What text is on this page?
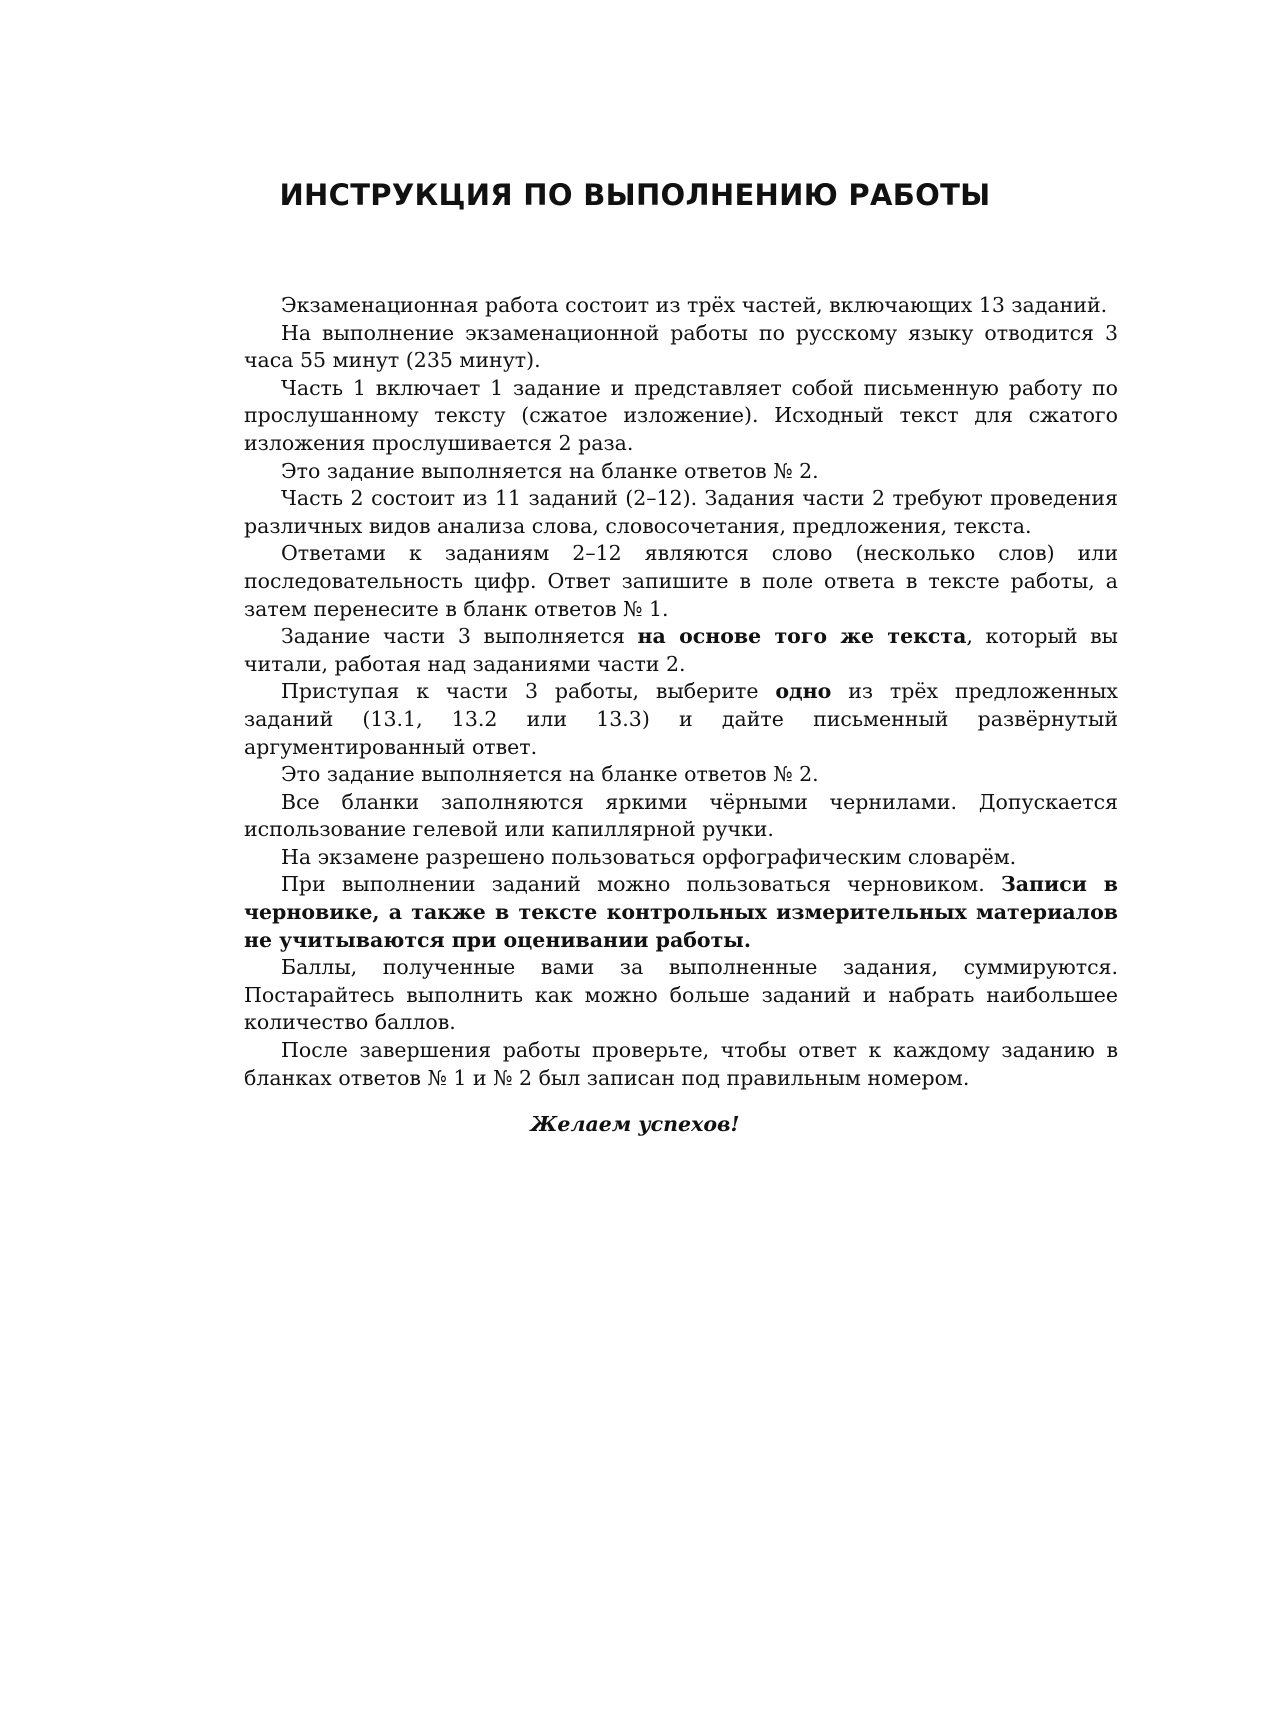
ИНСТРУКЦИЯ ПО ВЫПОЛНЕНИЮ РАБОТЫ

Экзаменационная работа состоит из трёх частей, включающих 13 заданий.

На выполнение экзаменационной работы по русскому языку отводится 3 часа 55 минут (235 минут).

Часть 1 включает 1 задание и представляет собой письменную работу по прослушанному тексту (сжатое изложение). Исходный текст для сжатого изложения прослушивается 2 раза.

Это задание выполняется на бланке ответов № 2.

Часть 2 состоит из 11 заданий (2–12). Задания части 2 требуют проведения различных видов анализа слова, словосочетания, предложения, текста.

Ответами к заданиям 2–12 являются слово (несколько слов) или последовательность цифр. Ответ запишите в поле ответа в тексте работы, а затем перенесите в бланк ответов № 1.

Задание части 3 выполняется на основе того же текста, который вы читали, работая над заданиями части 2.

Приступая к части 3 работы, выберите одно из трёх предложенных заданий (13.1, 13.2 или 13.3) и дайте письменный развёрнутый аргументированный ответ.

Это задание выполняется на бланке ответов № 2.

Все бланки заполняются яркими чёрными чернилами. Допускается использование гелевой или капиллярной ручки.

На экзамене разрешено пользоваться орфографическим словарём.

При выполнении заданий можно пользоваться черновиком. Записи в черновике, а также в тексте контрольных измерительных материалов не учитываются при оценивании работы.

Баллы, полученные вами за выполненные задания, суммируются. Постарайтесь выполнить как можно больше заданий и набрать наибольшее количество баллов.

После завершения работы проверьте, чтобы ответ к каждому заданию в бланках ответов № 1 и № 2 был записан под правильным номером.

Желаем успехов!
